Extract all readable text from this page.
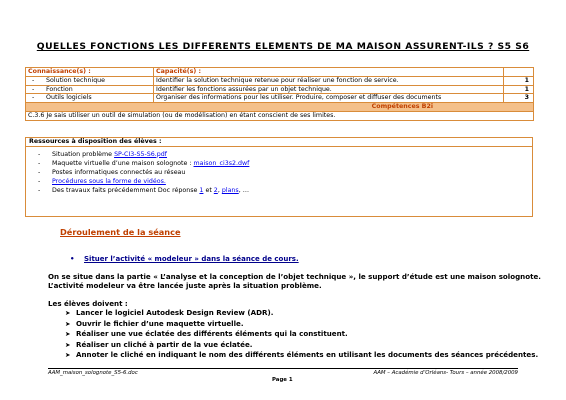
QUELLES FONCTIONS LES DIFFERENTS ELEMENTS DE MA MAISON ASSURENT-ILS ? S5 S6
Connaissance(s) :	Capacité(s) :	
- Solution technique	Identifier la solution technique retenue pour réaliser une fonction de service.	1
- Fonction	Identifier les fonctions assurées par un objet technique.	1
- Outils logiciels	Organiser des informations pour les utiliser. Produire, composer et diffuser des documents	3
Compétences B2i		
C.3.6 Je sais utiliser un outil de simulation (ou de modélisation) en étant conscient de ses limites.		
Ressources à disposition des élèves :
- Situation problème SP-CI3-S5-S6.pdf
- Maquette virtuelle d’une maison solognote : maison_ci3s2.dwf
- Postes informatiques connectés au réseau
- Procédures sous la forme de vidéos.
- Des travaux faits précédemment Doc réponse 1 et 2, plans, …
Déroulement de la séance
• Situer l’activité « modeleur » dans la séance de cours.
On se situe dans la partie « L’analyse et la conception de l’objet technique », le support d’étude est une maison solognote. L’activité modeleur va être lancée juste après la situation problème.
Les élèves doivent :
➤ Lancer le logiciel Autodesk Design Review (ADR).
➤ Ouvrir le fichier d’une maquette virtuelle.
➤ Réaliser une vue éclatée des différents éléments qui la constituent.
➤ Réaliser un cliché à partir de la vue éclatée.
➤ Annoter le cliché en indiquant le nom des différents éléments en utilisant les documents des séances précédentes.
AAM_maison_solognote_S5-6.doc	AAM – Académie d’Orléans- Tours – année 2008/2009
Page 1
